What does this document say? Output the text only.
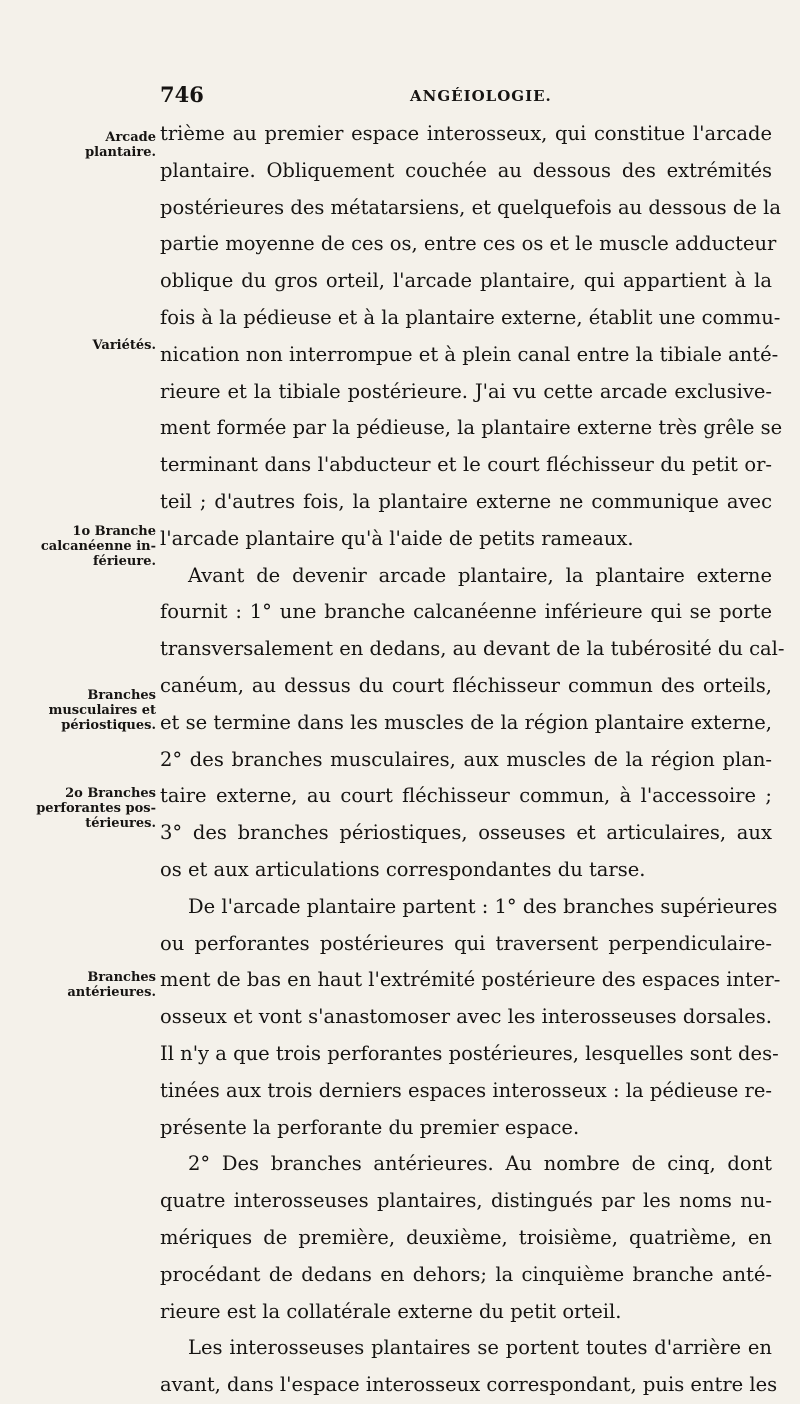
746	ANGÉIOLOGIE.
Arcade
plantaire.
Variétés.
1o Branche
calcanéenne in-
férieure.
Branches
musculaires et
périostiques.
2o Branches
perforantes pos-
térieures.
Branches
antérieures.
trième au premier espace interosseux, qui constitue l'arcade
plantaire. Obliquement couchée au dessous des extrémités
postérieures des métatarsiens, et quelquefois au dessous de la
partie moyenne de ces os, entre ces os et le muscle adducteur
oblique du gros orteil, l'arcade plantaire, qui appartient à la
fois à la pédieuse et à la plantaire externe, établit une commu-
nication non interrompue et à plein canal entre la tibiale anté-
rieure et la tibiale postérieure. J'ai vu cette arcade exclusive-
ment formée par la pédieuse, la plantaire externe très grêle se
terminant dans l'abducteur et le court fléchisseur du petit or-
teil ; d'autres fois, la plantaire externe ne communique avec
l'arcade plantaire qu'à l'aide de petits rameaux.
Avant de devenir arcade plantaire, la plantaire externe
fournit : 1° une branche calcanéenne inférieure qui se porte
transversalement en dedans, au devant de la tubérosité du cal-
canéum, au dessus du court fléchisseur commun des orteils,
et se termine dans les muscles de la région plantaire externe,
2° des branches musculaires, aux muscles de la région plan-
taire externe, au court fléchisseur commun, à l'accessoire ;
3° des branches périostiques, osseuses et articulaires, aux
os et aux articulations correspondantes du tarse.
De l'arcade plantaire partent : 1° des branches supérieures
ou perforantes postérieures qui traversent perpendiculaire-
ment de bas en haut l'extrémité postérieure des espaces inter-
osseux et vont s'anastomoser avec les interosseuses dorsales.
Il n'y a que trois perforantes postérieures, lesquelles sont des-
tinées aux trois derniers espaces interosseux : la pédieuse re-
présente la perforante du premier espace.
2° Des branches antérieures. Au nombre de cinq, dont
quatre interosseuses plantaires, distingués par les noms nu-
mériques de première, deuxième, troisième, quatrième, en
procédant de dedans en dehors; la cinquième branche anté-
rieure est la collatérale externe du petit orteil.
Les interosseuses plantaires se portent toutes d'arrière en
avant, dans l'espace interosseux correspondant, puis entre les
